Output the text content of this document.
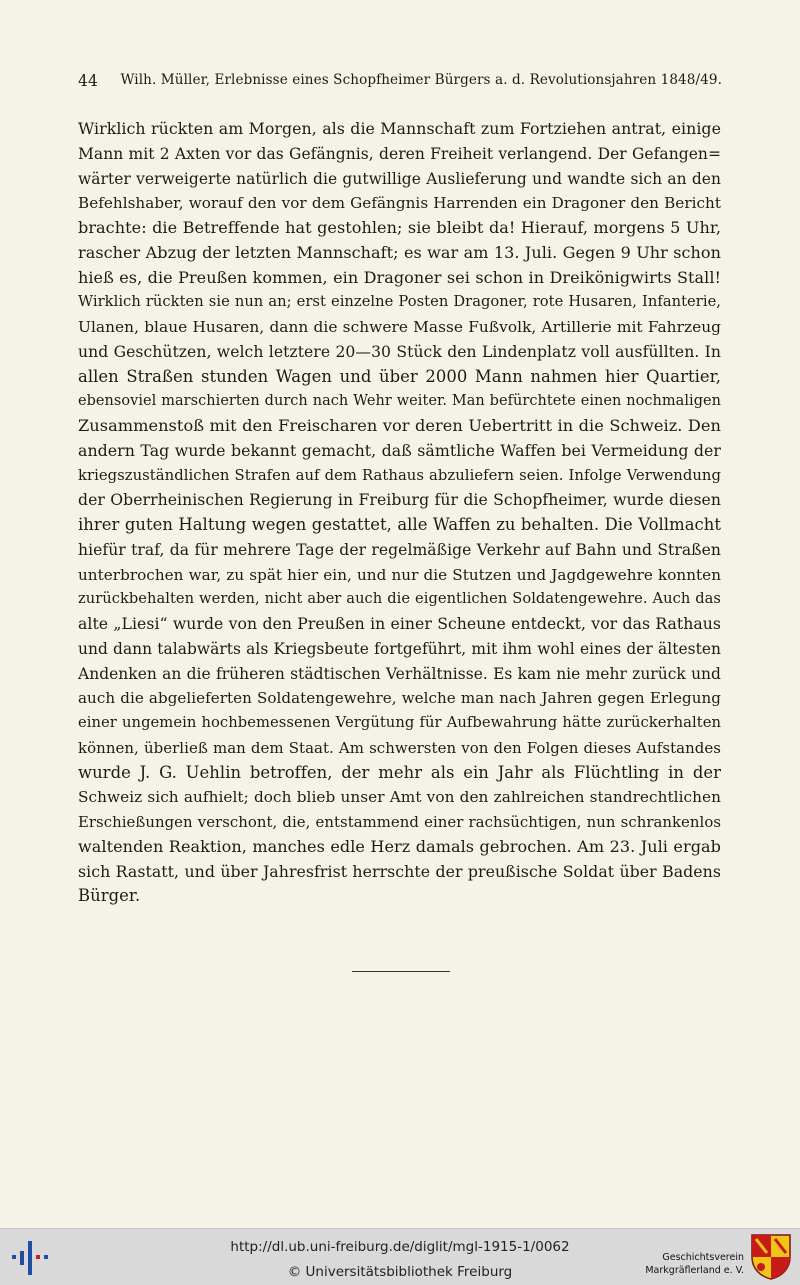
44 Wilh. Müller, Erlebnisse eines Schopfheimer Bürgers a. d. Revolutionsjahren 1848/49.
Wirklich rückten am Morgen, als die Mannschaft zum Fortziehen antrat, einige
Mann mit 2 Axten vor das Gefängnis, deren Freiheit verlangend. Der Gefangen=
wärter verweigerte natürlich die gutwillige Auslieferung und wandte sich an den
Befehlshaber, worauf den vor dem Gefängnis Harrenden ein Dragoner den Bericht
brachte: die Betreffende hat gestohlen; sie bleibt da! Hierauf, morgens 5 Uhr,
rascher Abzug der letzten Mannschaft; es war am 13. Juli. Gegen 9 Uhr schon
hieß es, die Preußen kommen, ein Dragoner sei schon in Dreikönigwirts Stall!
Wirklich rückten sie nun an; erst einzelne Posten Dragoner, rote Husaren, Infanterie,
Ulanen, blaue Husaren, dann die schwere Masse Fußvolk, Artillerie mit Fahrzeug
und Geschützen, welch letztere 20—30 Stück den Lindenplatz voll ausfüllten. In
allen Straßen stunden Wagen und über 2000 Mann nahmen hier Quartier,
ebensoviel marschierten durch nach Wehr weiter. Man befürchtete einen nochmaligen
Zusammenstoß mit den Freischaren vor deren Uebertritt in die Schweiz. Den
andern Tag wurde bekannt gemacht, daß sämtliche Waffen bei Vermeidung der
kriegszuständlichen Strafen auf dem Rathaus abzuliefern seien. Infolge Verwendung
der Oberrheinischen Regierung in Freiburg für die Schopfheimer, wurde diesen
ihrer guten Haltung wegen gestattet, alle Waffen zu behalten. Die Vollmacht
hiefür traf, da für mehrere Tage der regelmäßige Verkehr auf Bahn und Straßen
unterbrochen war, zu spät hier ein, und nur die Stutzen und Jagdgewehre konnten
zurückbehalten werden, nicht aber auch die eigentlichen Soldatengewehre. Auch das
alte „Liesi“ wurde von den Preußen in einer Scheune entdeckt, vor das Rathaus
und dann talabwärts als Kriegsbeute fortgeführt, mit ihm wohl eines der ältesten
Andenken an die früheren städtischen Verhältnisse. Es kam nie mehr zurück und
auch die abgelieferten Soldatengewehre, welche man nach Jahren gegen Erlegung
einer ungemein hochbemessenen Vergütung für Aufbewahrung hätte zurückerhalten
können, überließ man dem Staat. Am schwersten von den Folgen dieses Aufstandes
wurde J. G. Uehlin betroffen, der mehr als ein Jahr als Flüchtling in der
Schweiz sich aufhielt; doch blieb unser Amt von den zahlreichen standrechtlichen
Erschießungen verschont, die, entstammend einer rachsüchtigen, nun schrankenlos
waltenden Reaktion, manches edle Herz damals gebrochen. Am 23. Juli ergab
sich Rastatt, und über Jahresfrist herrschte der preußische Soldat über Badens
Bürger.
http://dl.ub.uni-freiburg.de/diglit/mgl-1915-1/0062
© Universitätsbibliothek Freiburg
Geschichtsverein
Markgräflerland e. V.
